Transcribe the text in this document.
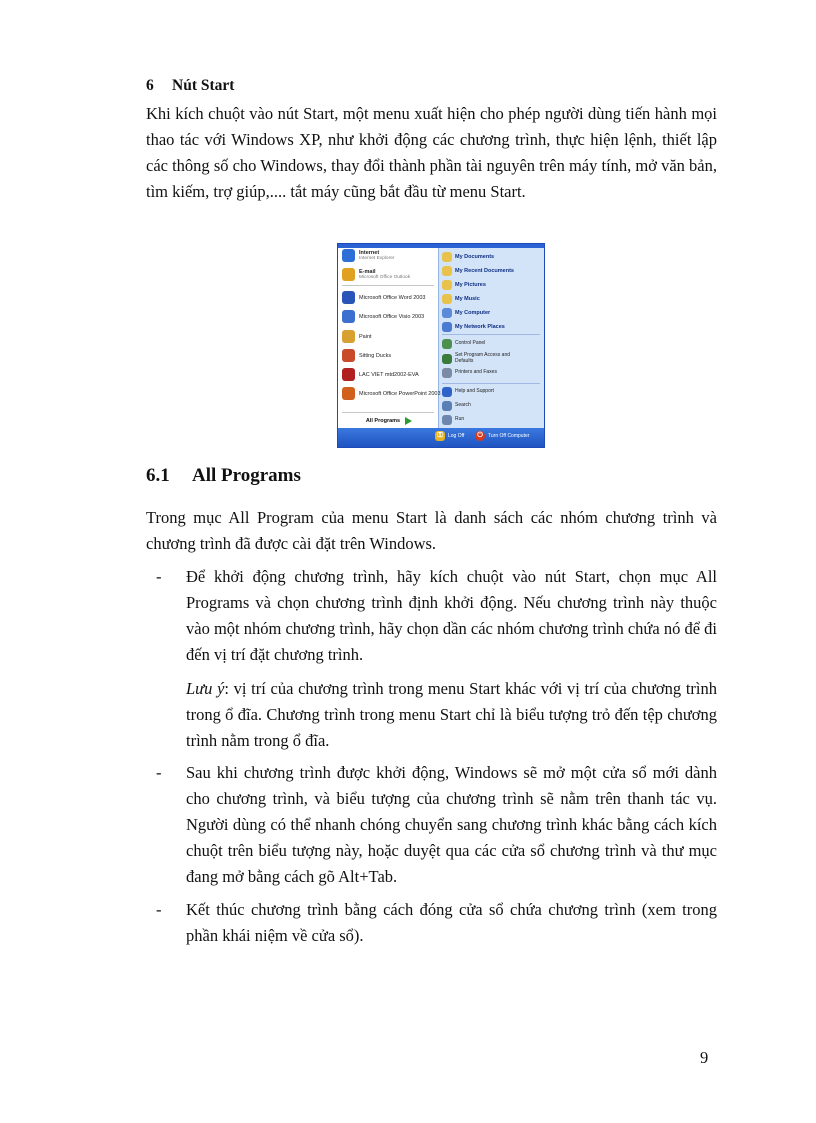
6 Nút Start

Khi kích chuột vào nút Start, một menu xuất hiện cho phép người dùng tiến hành mọi thao tác với Windows XP, như khởi động các chương trình, thực hiện lệnh, thiết lập các thông số cho Windows, thay đổi thành phần tài nguyên trên máy tính, mở văn bản, tìm kiếm, trợ giúp,.... tắt máy cũng bắt đầu từ menu Start.

Internet
Internet Explorer
E-mail
Microsoft Office Outlook
Microsoft Office Word 2003
Microsoft Office Visio 2003
Paint
Sitting Ducks
LAC VIET mtd2002-EVA
Microsoft Office PowerPoint 2003
All Programs
My Documents
My Recent Documents
My Pictures
My Music
My Computer
My Network Places
Control Panel
Set Program Access and Defaults
Printers and Faxes
Help and Support
Search
Run
⚿	Log Off	⏻	Turn Off Computer
6.1 All Programs

Trong mục All Program của menu Start là danh sách các nhóm chương trình và chương trình đã được cài đặt trên Windows.

- Để khởi động chương trình, hãy kích chuột vào nút Start, chọn mục All Programs và chọn chương trình định khởi động. Nếu chương trình này thuộc vào một nhóm chương trình, hãy chọn dần các nhóm chương trình chứa nó để đi đến vị trí đặt chương trình.

Lưu ý: vị trí của chương trình trong menu Start khác với vị trí của chương trình trong ổ đĩa. Chương trình trong menu Start chỉ là biểu tượng trỏ đến tệp chương trình nằm trong ổ đĩa.

- Sau khi chương trình được khởi động, Windows sẽ mở một cửa sổ mới dành cho chương trình, và biểu tượng của chương trình sẽ nằm trên thanh tác vụ. Người dùng có thể nhanh chóng chuyển sang chương trình khác bằng cách kích chuột trên biểu tượng này, hoặc duyệt qua các cửa sổ chương trình và thư mục đang mở bằng cách gõ Alt+Tab.
- Kết thúc chương trình bằng cách đóng cửa sổ chứa chương trình (xem trong phần khái niệm về cửa sổ).
9
